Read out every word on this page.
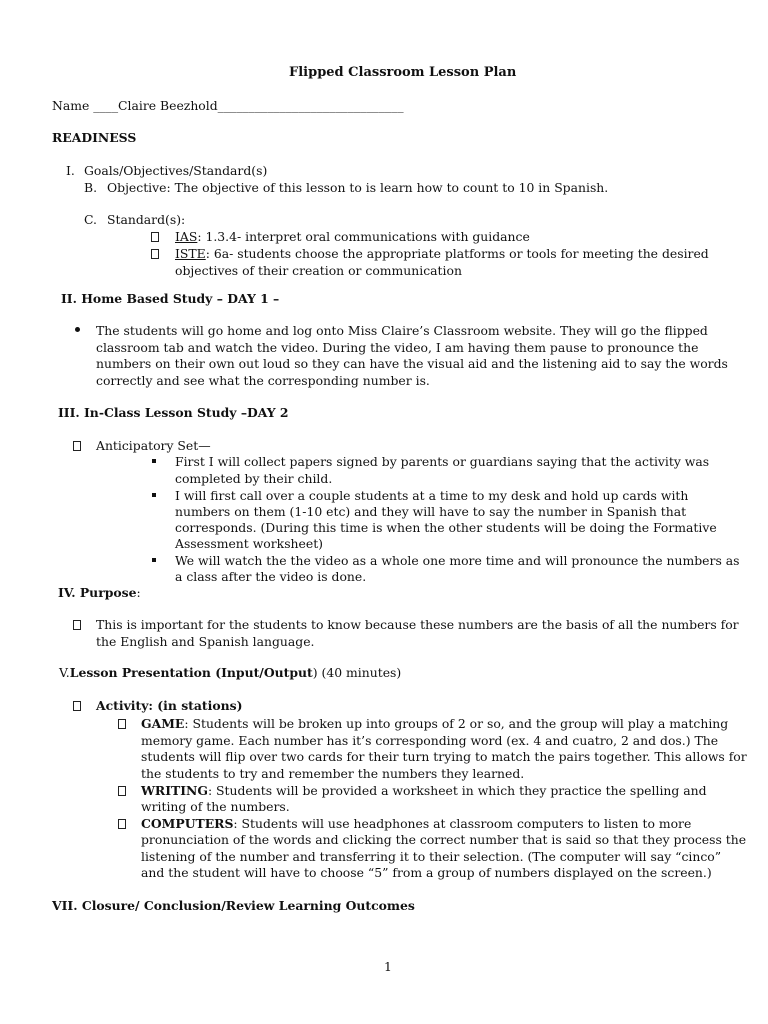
Flipped Classroom Lesson Plan
Name ____Claire Beezhold______________________________
READINESS
I. Goals/Objectives/Standard(s)
B. Objective: The objective of this lesson to is learn how to count to 10 in Spanish.
C. Standard(s):
IAS: 1.3.4- interpret oral communications with guidance
ISTE: 6a- students choose the appropriate platforms or tools for meeting the desired
objectives of their creation or communication
II. Home Based Study – DAY 1 –
The students will go home and log onto Miss Claire’s Classroom website. They will go the flipped
classroom tab and watch the video. During the video, I am having them pause to pronounce the
numbers on their own out loud so they can have the visual aid and the listening aid to say the words
correctly and see what the corresponding number is.
III. In-Class Lesson Study –DAY 2
Anticipatory Set—
First I will collect papers signed by parents or guardians saying that the activity was
completed by their child.
I will first call over a couple students at a time to my desk and hold up cards with
numbers on them (1-10 etc) and they will have to say the number in Spanish that
corresponds. (During this time is when the other students will be doing the Formative
Assessment worksheet)
We will watch the the video as a whole one more time and will pronounce the numbers as
a class after the video is done.
IV. Purpose:
This is important for the students to know because these numbers are the basis of all the numbers for
the English and Spanish language.
V.Lesson Presentation (Input/Output) (40 minutes)
Activity: (in stations)
GAME: Students will be broken up into groups of 2 or so, and the group will play a matching
memory game. Each number has it’s corresponding word (ex. 4 and cuatro, 2 and dos.) The
students will flip over two cards for their turn trying to match the pairs together. This allows for
the students to try and remember the numbers they learned.
WRITING: Students will be provided a worksheet in which they practice the spelling and
writing of the numbers.
COMPUTERS: Students will use headphones at classroom computers to listen to more
pronunciation of the words and clicking the correct number that is said so that they process the
listening of the number and transferring it to their selection. (The computer will say “cinco”
and the student will have to choose “5” from a group of numbers displayed on the screen.)
VII. Closure/ Conclusion/Review Learning Outcomes
1
